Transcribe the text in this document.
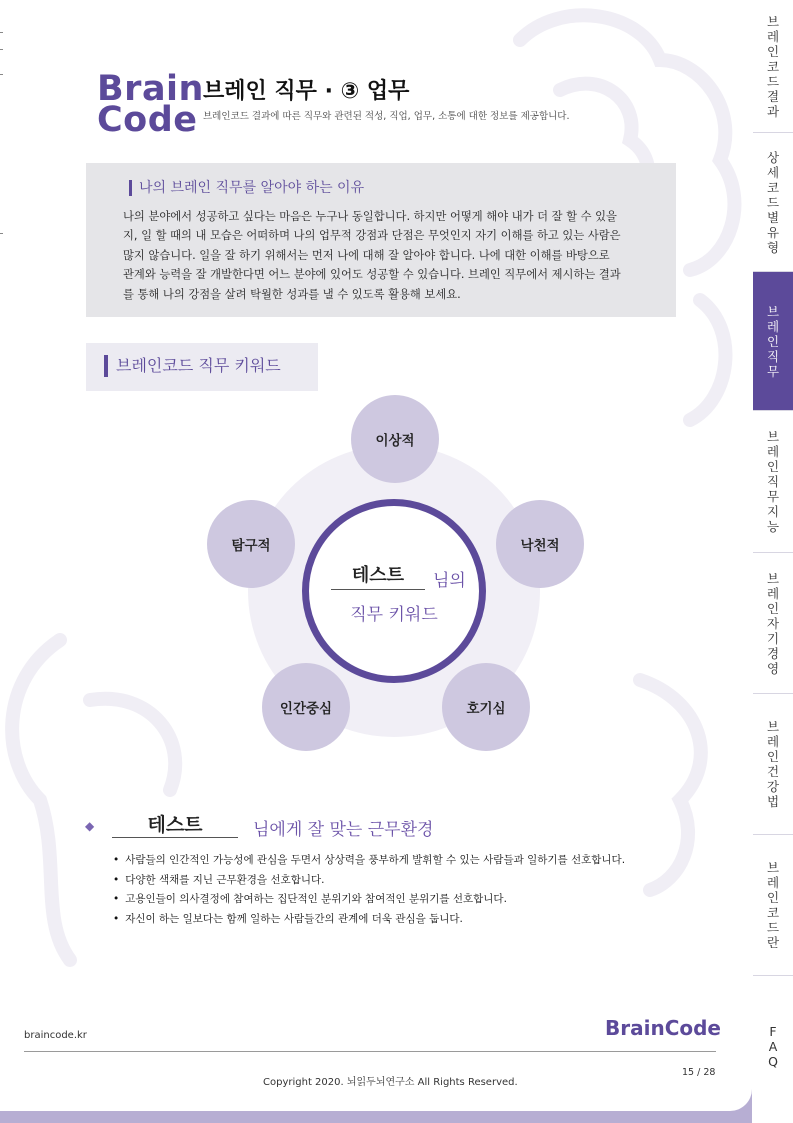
Brain
Code
브레인 직무 · ③ 업무
브레인코드 결과에 따른 직무와 관련된 적성, 직업, 업무, 소통에 대한 정보를 제공합니다.
나의 브레인 직무를 알아야 하는 이유

나의 분야에서 성공하고 싶다는 마음은 누구나 동일합니다. 하지만 어떻게 해야 내가 더 잘 할 수 있을
지, 일 할 때의 내 모습은 어떠하며 나의 업무적 강점과 단점은 무엇인지 자기 이해를 하고 있는 사람은
많지 않습니다. 일을 잘 하기 위해서는 먼저 나에 대해 잘 알아야 합니다. 나에 대한 이해를 바탕으로
관계와 능력을 잘 개발한다면 어느 분야에 있어도 성공할 수 있습니다. 브레인 직무에서 제시하는 결과
를 통해 나의 강점을 살려 탁월한 성과를 낼 수 있도록 활용해 보세요.

브레인코드 직무 키워드
테스트	님의
직무 키워드
이상적
낙천적
호기심
인간중심
탐구적
◆	테스트	님에게 잘 맞는 근무환경
• 사람들의 인간적인 가능성에 관심을 두면서 상상력을 풍부하게 발휘할 수 있는 사람들과 일하기를 선호합니다.
• 다양한 색채를 지닌 근무환경을 선호합니다.
• 고용인들이 의사결정에 참여하는 집단적인 분위기와 참여적인 분위기를 선호합니다.
• 자신이 하는 일보다는 함께 일하는 사람들간의 관계에 더욱 관심을 둡니다.
braincode.kr	BrainCode
Copyright 2020. 뇌읽두뇌연구소 All Rights Reserved.
15 / 28
브레인코드 결과
상세코드별유형
브레인직무
브레인직무지능
브레인자기경영
브레인건강법
브레인코드란
FAQ
